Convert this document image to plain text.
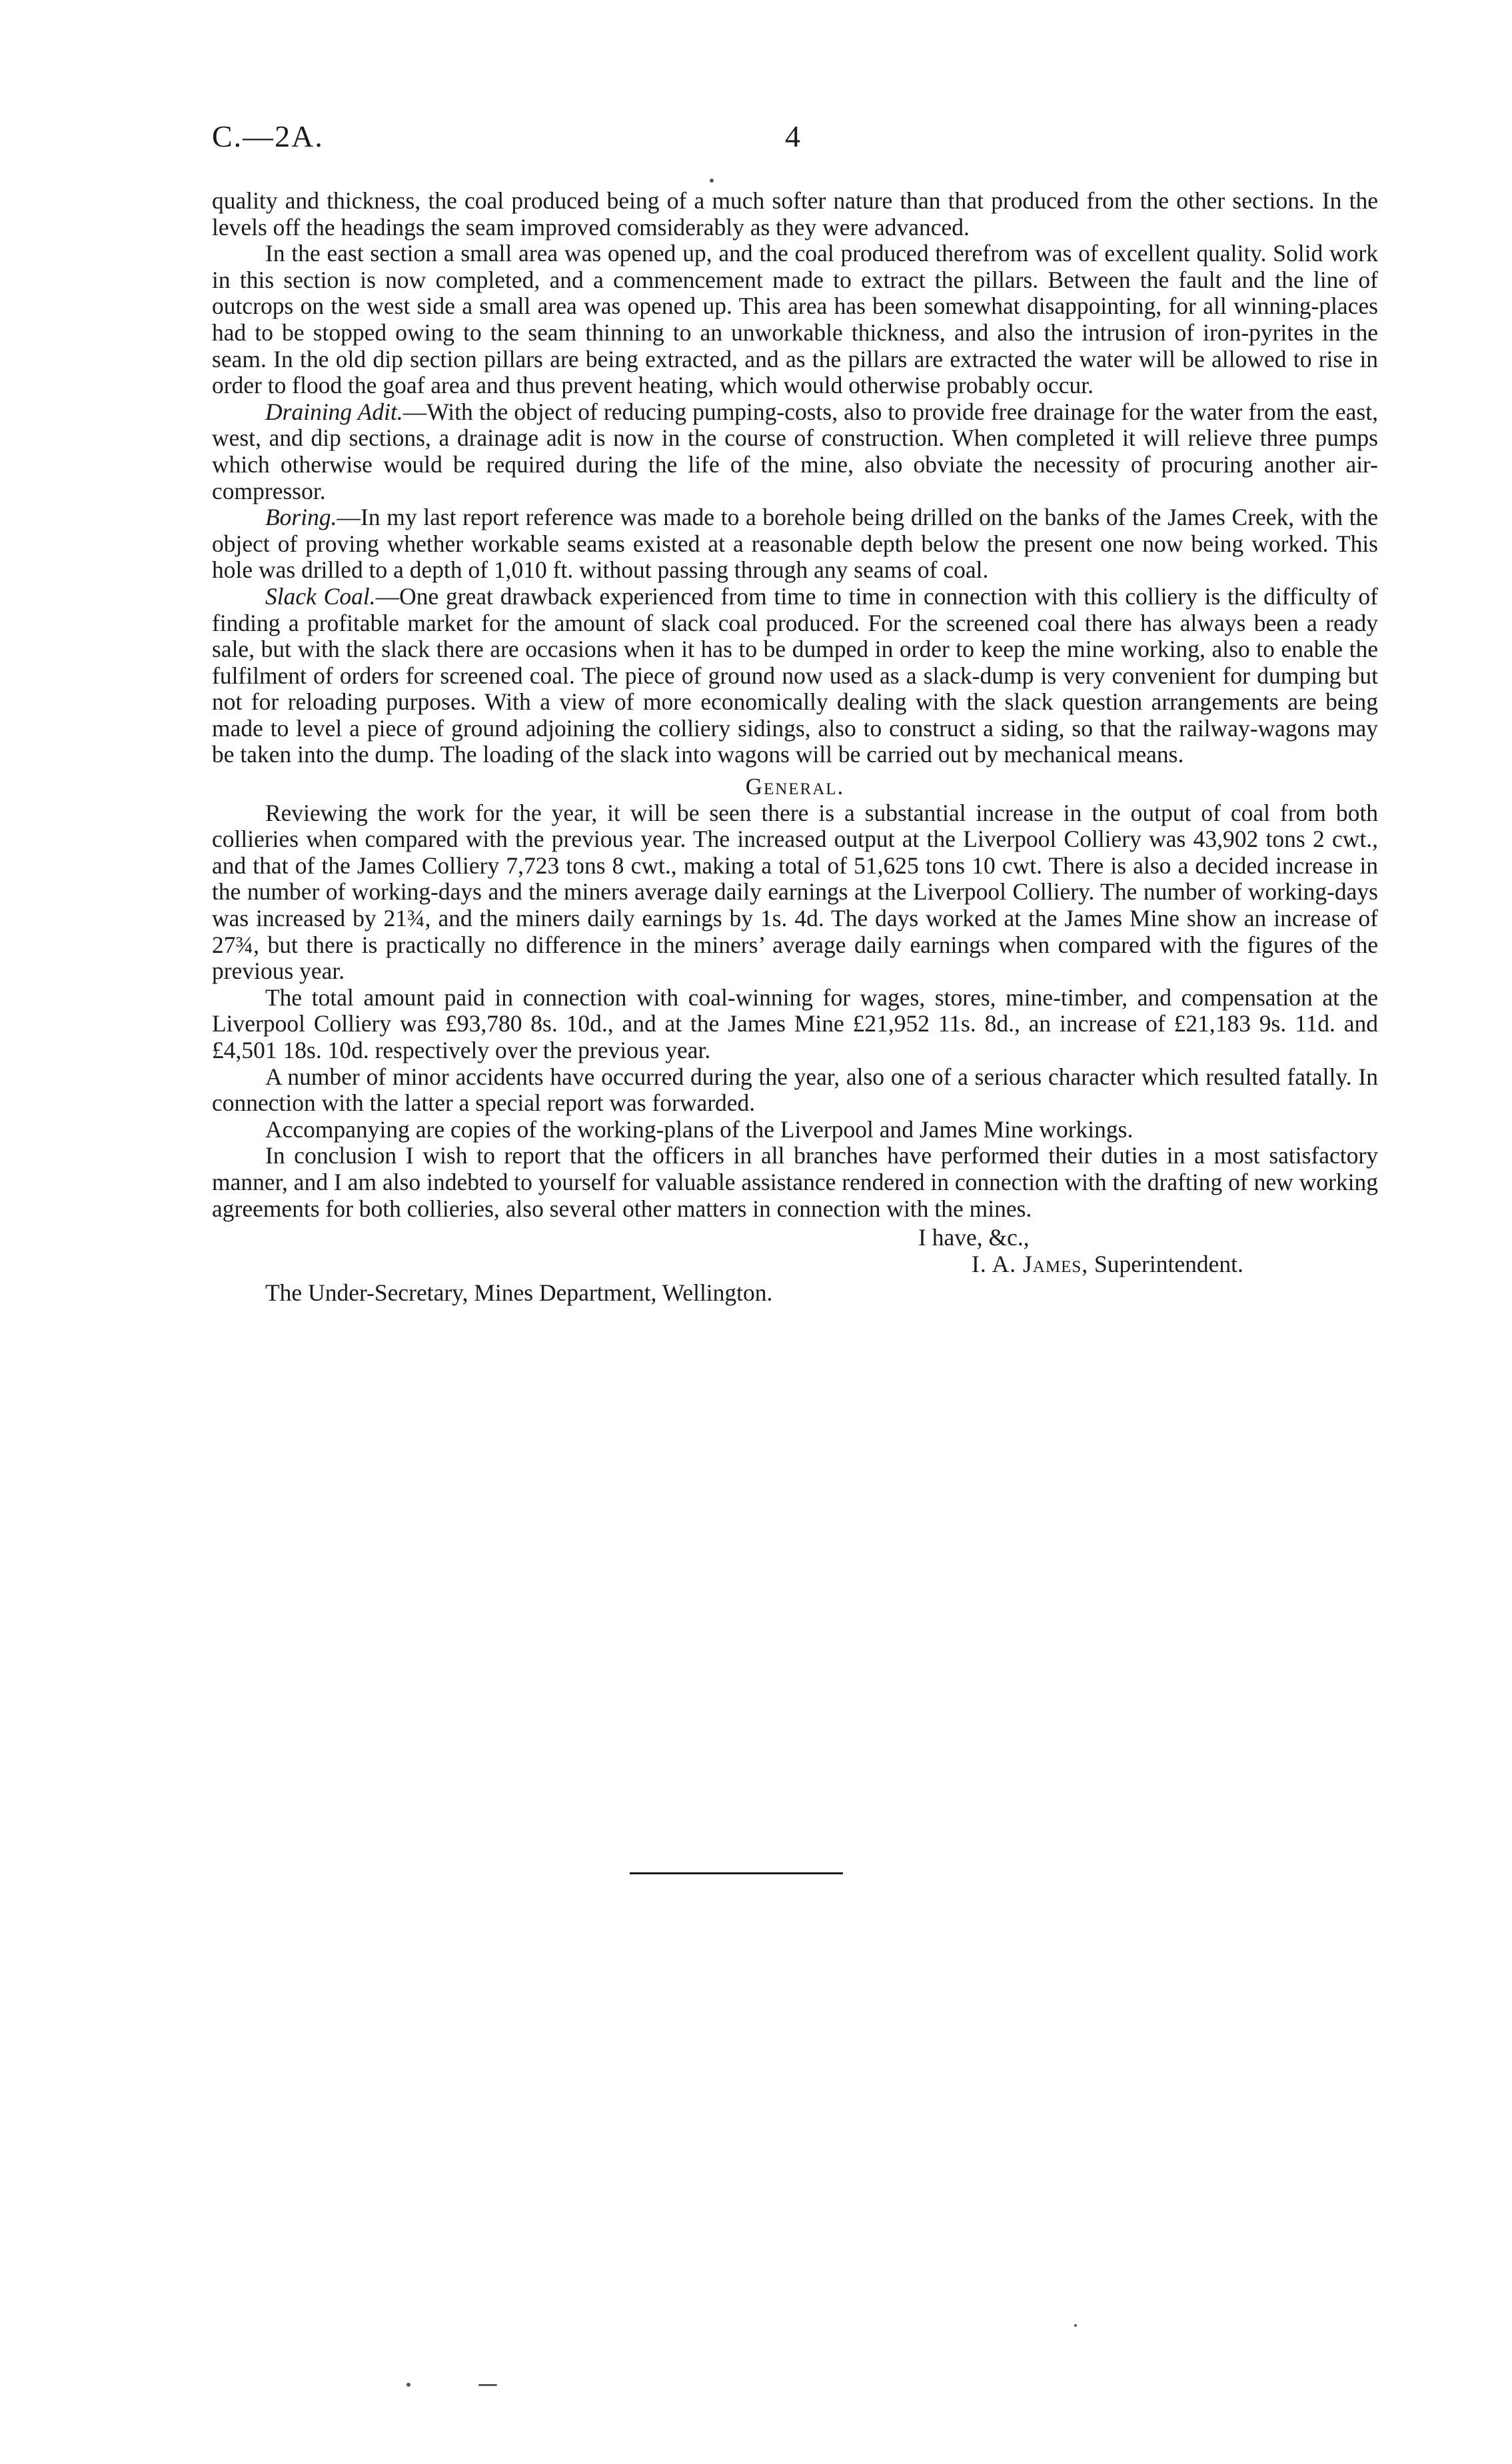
C.—2A.	4

quality and thickness, the coal produced being of a much softer nature than that produced from the other sections. In the levels off the headings the seam improved comsiderably as they were advanced.

In the east section a small area was opened up, and the coal produced therefrom was of excellent quality. Solid work in this section is now completed, and a commencement made to extract the pillars. Between the fault and the line of outcrops on the west side a small area was opened up. This area has been somewhat disappointing, for all winning-places had to be stopped owing to the seam thinning to an unworkable thickness, and also the intrusion of iron-pyrites in the seam. In the old dip section pillars are being extracted, and as the pillars are extracted the water will be allowed to rise in order to flood the goaf area and thus prevent heating, which would otherwise probably occur.

Draining Adit.—With the object of reducing pumping-costs, also to provide free drainage for the water from the east, west, and dip sections, a drainage adit is now in the course of construction. When completed it will relieve three pumps which otherwise would be required during the life of the mine, also obviate the necessity of procuring another air-compressor.

Boring.—In my last report reference was made to a borehole being drilled on the banks of the James Creek, with the object of proving whether workable seams existed at a reasonable depth below the present one now being worked. This hole was drilled to a depth of 1,010 ft. without passing through any seams of coal.

Slack Coal.—One great drawback experienced from time to time in connection with this colliery is the difficulty of finding a profitable market for the amount of slack coal produced. For the screened coal there has always been a ready sale, but with the slack there are occasions when it has to be dumped in order to keep the mine working, also to enable the fulfilment of orders for screened coal. The piece of ground now used as a slack-dump is very convenient for dumping but not for reloading purposes. With a view of more economically dealing with the slack question arrangements are being made to level a piece of ground adjoining the colliery sidings, also to construct a siding, so that the railway-wagons may be taken into the dump. The loading of the slack into wagons will be carried out by mechanical means.

General.

Reviewing the work for the year, it will be seen there is a substantial increase in the output of coal from both collieries when compared with the previous year. The increased output at the Liverpool Colliery was 43,902 tons 2 cwt., and that of the James Colliery 7,723 tons 8 cwt., making a total of 51,625 tons 10 cwt. There is also a decided increase in the number of working-days and the miners average daily earnings at the Liverpool Colliery. The number of working-days was increased by 21¾, and the miners daily earnings by 1s. 4d. The days worked at the James Mine show an increase of 27¾, but there is practically no difference in the miners’ average daily earnings when compared with the figures of the previous year.

The total amount paid in connection with coal-winning for wages, stores, mine-timber, and compensation at the Liverpool Colliery was £93,780 8s. 10d., and at the James Mine £21,952 11s. 8d., an increase of £21,183 9s. 11d. and £4,501 18s. 10d. respectively over the previous year.

A number of minor accidents have occurred during the year, also one of a serious character which resulted fatally. In connection with the latter a special report was forwarded.

Accompanying are copies of the working-plans of the Liverpool and James Mine workings.

In conclusion I wish to report that the officers in all branches have performed their duties in a most satisfactory manner, and I am also indebted to yourself for valuable assistance rendered in connection with the drafting of new working agreements for both collieries, also several other matters in connection with the mines.

I have, &c.,
I. A. James, Superintendent.
The Under-Secretary, Mines Department, Wellington.
